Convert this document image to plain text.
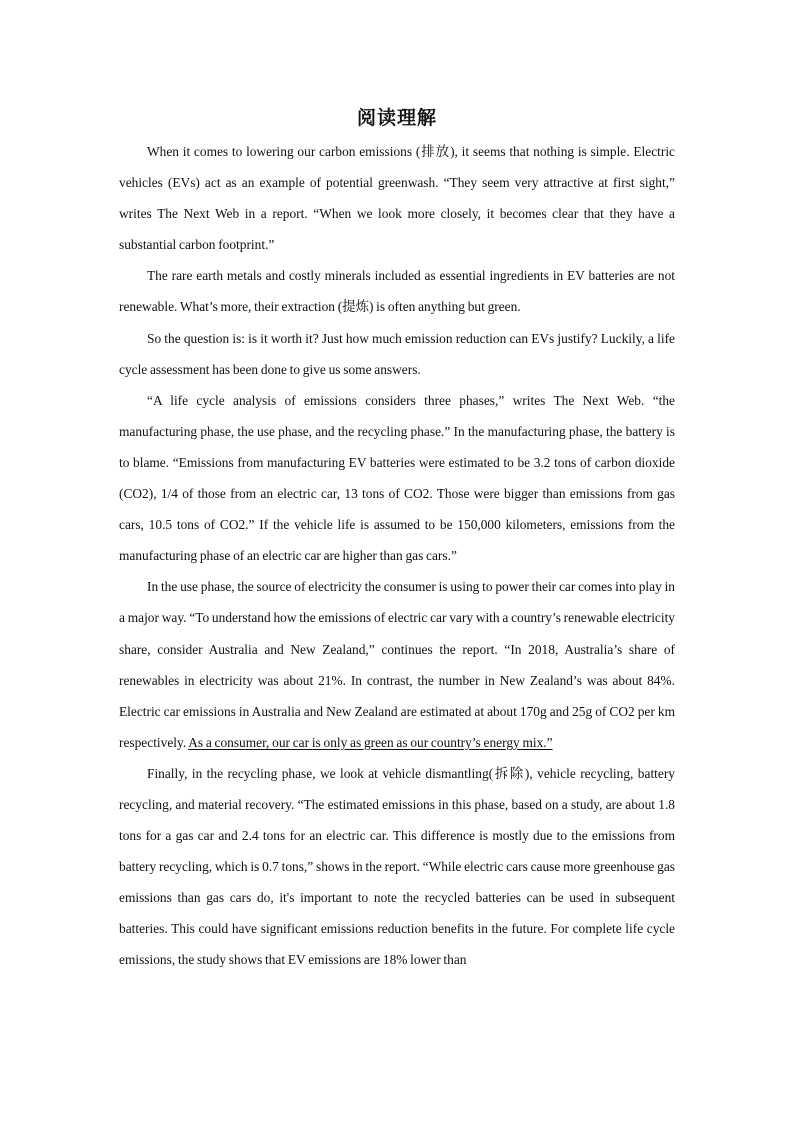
阅读理解

When it comes to lowering our carbon emissions (排放), it seems that nothing is simple. Electric vehicles (EVs) act as an example of potential greenwash. “They seem very attractive at first sight,” writes The Next Web in a report. “When we look more closely, it becomes clear that they have a substantial carbon footprint.”

The rare earth metals and costly minerals included as essential ingredients in EV batteries are not renewable. What’s more, their extraction (提炼) is often anything but green.

So the question is: is it worth it? Just how much emission reduction can EVs justify? Luckily, a life cycle assessment has been done to give us some answers.

“A life cycle analysis of emissions considers three phases,” writes The Next Web. “the manufacturing phase, the use phase, and the recycling phase.” In the manufacturing phase, the battery is to blame. “Emissions from manufacturing EV batteries were estimated to be 3.2 tons of carbon dioxide (CO2), 1/4 of those from an electric car, 13 tons of CO2. Those were bigger than emissions from gas cars, 10.5 tons of CO2.” If the vehicle life is assumed to be 150,000 kilometers, emissions from the manufacturing phase of an electric car are higher than gas cars.”

In the use phase, the source of electricity the consumer is using to power their car comes into play in a major way. “To understand how the emissions of electric car vary with a country’s renewable electricity share, consider Australia and New Zealand,” continues the report. “In 2018, Australia’s share of renewables in electricity was about 21%. In contrast, the number in New Zealand’s was about 84%. Electric car emissions in Australia and New Zealand are estimated at about 170g and 25g of CO2 per km respectively. As a consumer, our car is only as green as our country’s energy mix.”

Finally, in the recycling phase, we look at vehicle dismantling(拆除), vehicle recycling, battery recycling, and material recovery. “The estimated emissions in this phase, based on a study, are about 1.8 tons for a gas car and 2.4 tons for an electric car. This difference is mostly due to the emissions from battery recycling, which is 0.7 tons,” shows in the report. “While electric cars cause more greenhouse gas emissions than gas cars do, it's important to note the recycled batteries can be used in subsequent batteries. This could have significant emissions reduction benefits in the future. For complete life cycle emissions, the study shows that EV emissions are 18% lower than
